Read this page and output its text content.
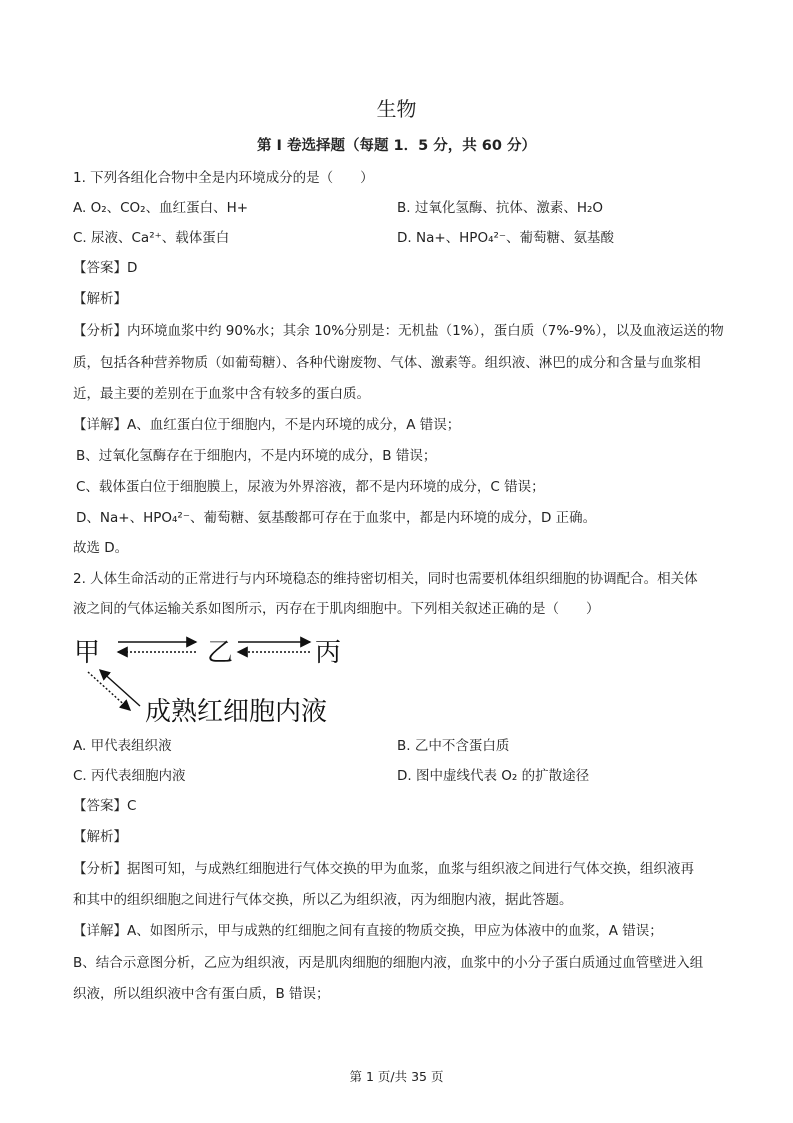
生物
第 I 卷选择题（每题 1．5 分，共 60 分）
1. 下列各组化合物中全是内环境成分的是（　　）
A. O₂、CO₂、血红蛋白、H+	B. 过氧化氢酶、抗体、激素、H₂O
C. 尿液、Ca²⁺、载体蛋白	D. Na+、HPO₄²⁻、葡萄糖、氨基酸
【答案】D
【解析】
【分析】内环境血浆中约 90%水；其余 10%分别是：无机盐（1%），蛋白质（7%-9%），以及血液运送的物
质，包括各种营养物质（如葡萄糖）、各种代谢废物、气体、激素等。组织液、淋巴的成分和含量与血浆相
近，最主要的差别在于血浆中含有较多的蛋白质。
【详解】A、血红蛋白位于细胞内，不是内环境的成分，A 错误；
B、过氧化氢酶存在于细胞内，不是内环境的成分，B 错误；
C、载体蛋白位于细胞膜上，尿液为外界溶液，都不是内环境的成分，C 错误；
D、Na+、HPO₄²⁻、葡萄糖、氨基酸都可存在于血浆中，都是内环境的成分，D 正确。
故选 D。
2. 人体生命活动的正常进行与内环境稳态的维持密切相关，同时也需要机体组织细胞的协调配合。相关体
液之间的气体运输关系如图所示，丙存在于肌肉细胞中。下列相关叙述正确的是（　　）
甲	乙	丙
成熟红细胞内液
A. 甲代表组织液	B. 乙中不含蛋白质
C. 丙代表细胞内液	D. 图中虚线代表 O₂ 的扩散途径
【答案】C
【解析】
【分析】据图可知，与成熟红细胞进行气体交换的甲为血浆，血浆与组织液之间进行气体交换，组织液再
和其中的组织细胞之间进行气体交换，所以乙为组织液，丙为细胞内液，据此答题。
【详解】A、如图所示，甲与成熟的红细胞之间有直接的物质交换，甲应为体液中的血浆，A 错误；
B、结合示意图分析，乙应为组织液，丙是肌肉细胞的细胞内液，血浆中的小分子蛋白质通过血管壁进入组
织液，所以组织液中含有蛋白质，B 错误；
第 1 页/共 35 页
